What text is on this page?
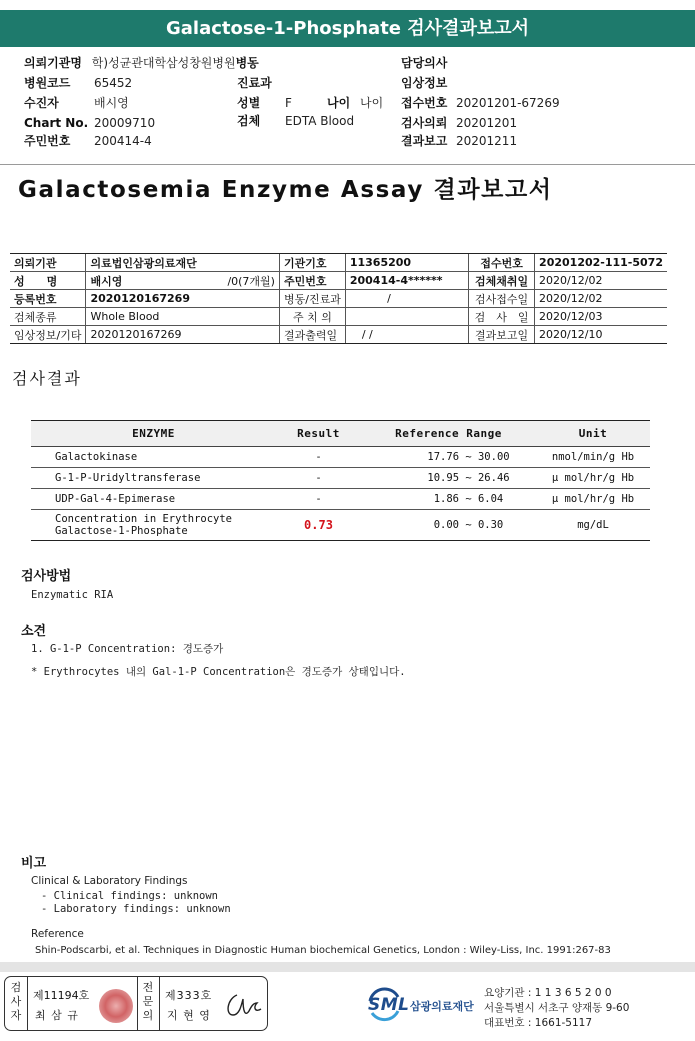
Galactose-1-Phosphate 검사결과보고서
의뢰기관명 학)성균관대학삼성창원병원병동	담당의사
병원코드 65452	진료과	임상정보
수진자	배시영	성별 F	나이 나이 접수번호 20201201-67269
Chart No. 20009710	검체 EDTA Blood	검사의뢰 20201201
주민번호 200414-4	결과보고 20201211
Galactosemia Enzyme Assay 결과보고서
의뢰기관	의료법인삼광의료재단		기관기호	11365200	접수번호	20201202-111-5072
성　　명	배시영	/0(7개월)	주민번호	200414-4******	검체채취일	2020/12/02
등록번호	2020120167269		병동/진료과	/	검사접수일	2020/12/02
검체종류	Whole Blood		주 치 의		검　사　일	2020/12/03
임상정보/기타	2020120167269		결과출력일	/ /	결과보고일	2020/12/10
검사결과
ENZYME	Result	Reference Range	Unit
Galactokinase	-	17.76 ~ 30.00	nmol/min/g Hb
G-1-P-Uridyltransferase	-	10.95 ~ 26.46	μ mol/hr/g Hb
UDP-Gal-4-Epimerase	-	1.86 ~ 6.04	μ mol/hr/g Hb

Concentration in Erythrocyte
Galactose-1-Phosphate	0.73	0.00 ~ 0.30	mg/dL
검사방법
Enzymatic RIA
소견
1. G-1-P Concentration: 경도증가
* Erythrocytes 내의 Gal-1-P Concentration은 경도증가 상태입니다.
비고
Clinical & Laboratory Findings
- Clinical findings: unknown
- Laboratory findings: unknown
Reference
Shin-Podscarbi, et al. Techniques in Diagnostic Human biochemical Genetics, London : Wiley-Liss, Inc. 1991:267-83
검사자
제11194호
최 삼 규
전문의
제333호
지 현 영
SML 삼광의료재단
요양기관 : 1 1 3 6 5 2 0 0
서울특별시 서초구 양재동 9-60
대표번호 : 1661-5117
